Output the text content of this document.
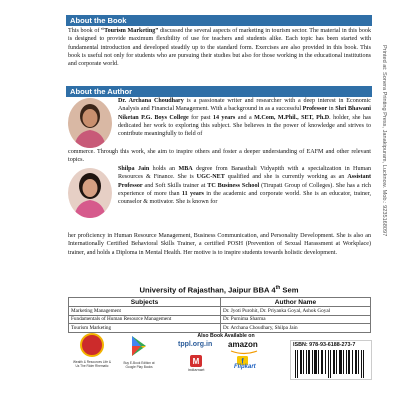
About the Book
This book of “Tourism Marketing” discussed the several aspects of marketing in tourism sector. The material in this book is designed to provide maximum flexibility of use for teachers and students alike. Each topic has been started with fundamental introduction and developed steadily up to the standard form. Exercises are also provided in this book. This book is useful not only for students who are pursuing their studies but also for those working in the educational institutions and corporate world.
About the Author
Dr. Archana Choudhary is a passionate writer and researcher with a deep interest in Economic Analysis and Financial Management. With a background in as a successful Professor in Shri Bhawani Niketan P.G. Boys College for past 14 years and a M.Com, M.Phil., SET, Ph.D. holder, she has dedicated her work to exploring this subject. She believes in the power of knowledge and strives to contribute meaningfully to field of
commerce. Through this work, she aim to inspire others and foster a deeper understanding of EAFM and other relevant topics.
Shilpa Jain holds an MBA degree from Banasthali Vidyapith with a specialization in Human Resources & Finance. She is UGC-NET qualified and she is currently working as an Assistant Professor and Soft Skills trainer at TC Business School (Tirupati Group of Colleges). She has a rich experience of more than 11 years in the academic and corporate world. She is an educator, trainer, counselor & motivator. She is known for
her proficiency in Human Resource Management, Business Communication, and Personality Development. She is also an Internationally Certified Behavioral Skills Trainer, a certified POSH (Prevention of Sexual Harassment at Workplace) trainer, and holds a Diploma in Mental Health. Her motive is to inspire students towards holistic development.
University of Rajasthan, Jaipur BBA 4th Sem
Subjects	Author Name
Marketing Management	Dr. Jyoti Purohit, Dr. Priyanka Goyal, Ashok Goyal
Fundamentals of Human Resource Management	Dr. Purnima Sharma
Tourism Marketing	Dr. Archana Choudhary, Shilpa Jain
Printed at: Sonera Printing Press, Janakipuram, Lucknow. Mob.: 9235168097
Wealth & Resources Life & Us The Rider Rhematic
Buy E-Book Edition at Google Play Books
Also Book Available on
tppl.org.in amazon
M
indiamart
f
Flipkart
ISBN: 978-93-6188-273-7
